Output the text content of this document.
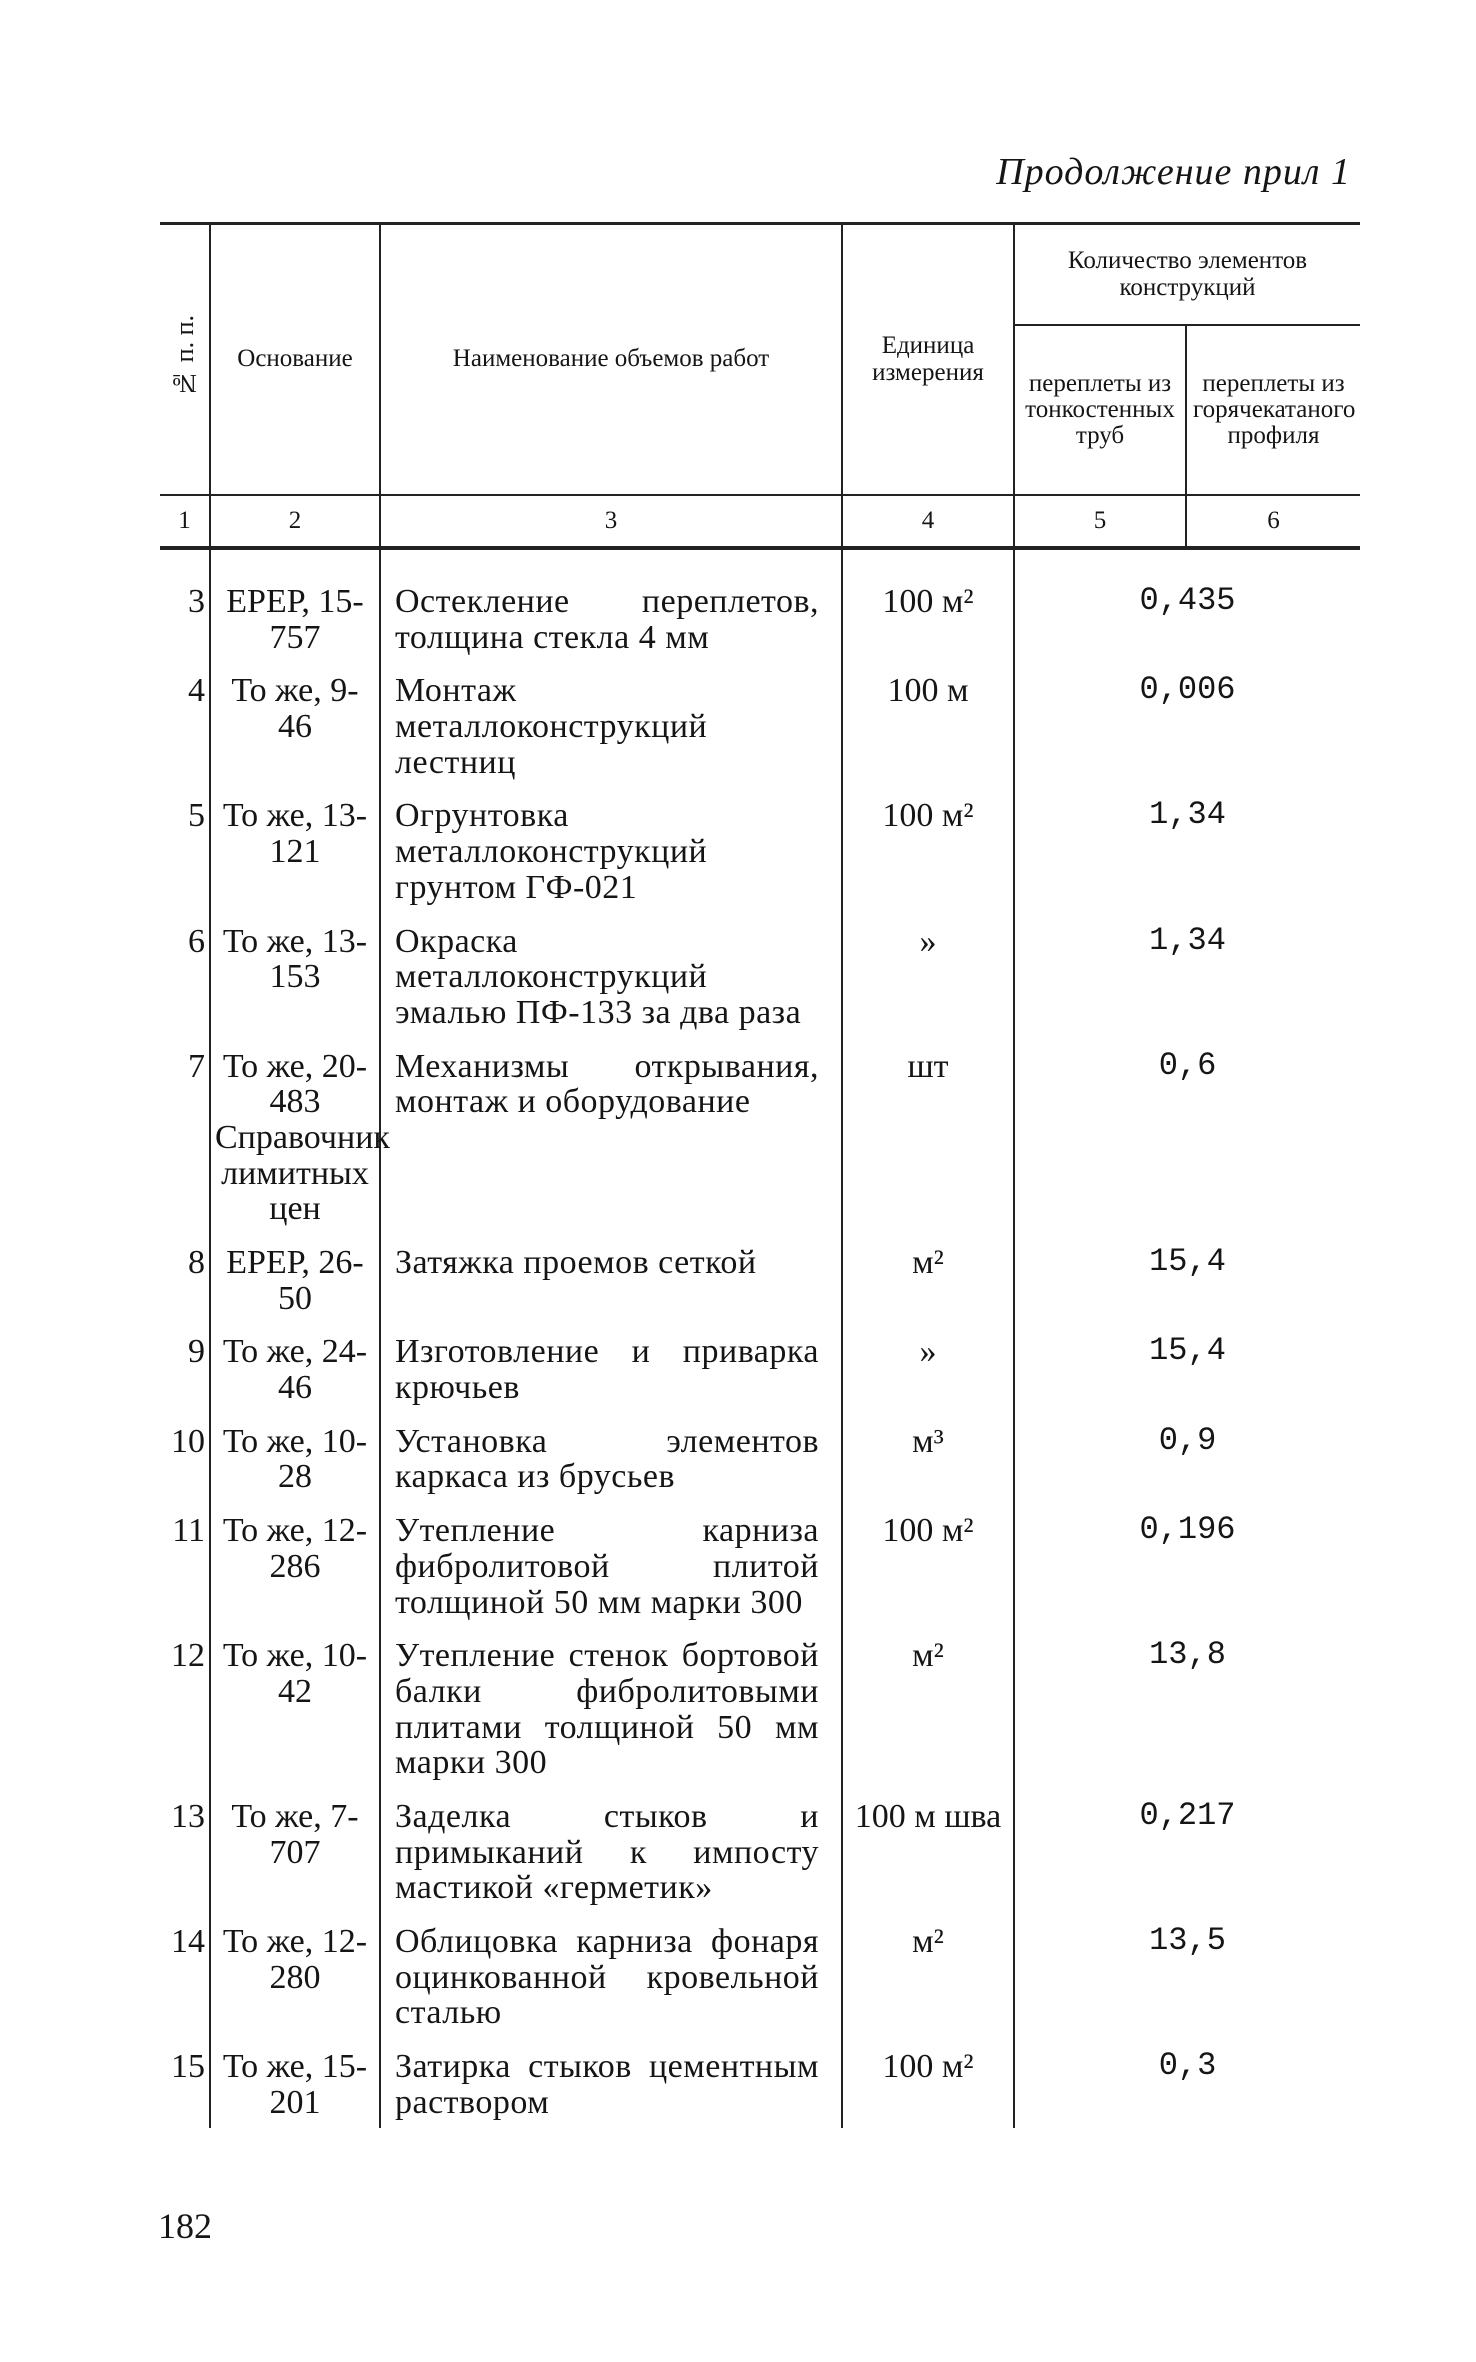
Продолжение прил 1

№ п. п.	Основание	Наименование объемов работ	Единица измерения	Количество элементов конструкций	
				переплеты из тонкостенных труб	переплеты из горячекатаного профиля
1	2	3	4	5	6

3	ЕРЕР, 15-757	Остекление переплетов, толщина стекла 4 мм	100 м²	0,435	
4	То же, 9-46	Монтаж металлоконструкций лестниц	100 м	0,006	
5	То же, 13-121	Огрунтовка металлоконструкций грунтом ГФ-021	100 м²	1,34	
6	То же, 13-153	Окраска металлоконструкций эмалью ПФ-133 за два раза	»	1,34	
7	То же, 20-483 Справочник лимитных цен	Механизмы открывания, монтаж и оборудование	шт	0,6	
8	ЕРЕР, 26-50	Затяжка проемов сеткой	м²	15,4	
9	То же, 24-46	Изготовление и приварка крючьев	»	15,4	
10	То же, 10-28	Установка элементов каркаса из брусьев	м³	0,9	
11	То же, 12-286	Утепление карниза фибролитовой плитой толщиной 50 мм марки 300	100 м²	0,196	
12	То же, 10-42	Утепление стенок бортовой балки фибролитовыми плитами толщиной 50 мм марки 300	м²	13,8	
13	То же, 7-707	Заделка стыков и примыканий к импосту мастикой «герметик»	100 м шва	0,217	
14	То же, 12-280	Облицовка карниза фонаря оцинкованной кровельной сталью	м²	13,5	
15	То же, 15-201	Затирка стыков цементным раствором	100 м²	0,3	
182
